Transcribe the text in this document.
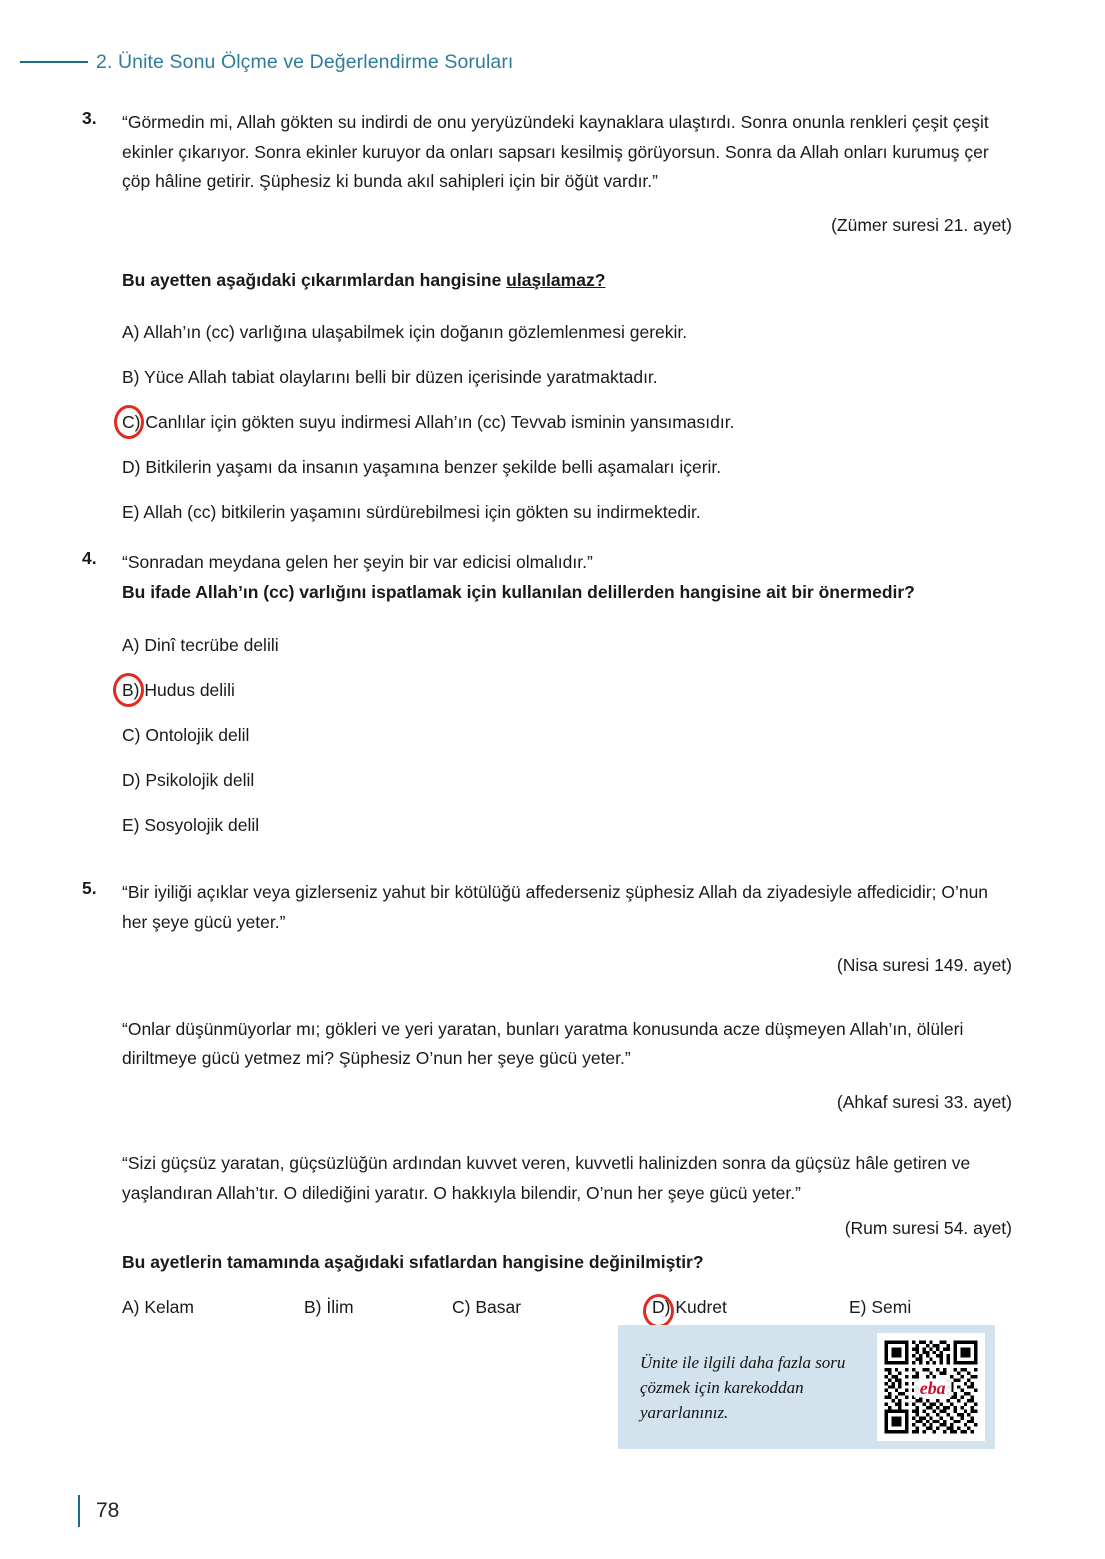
2. Ünite Sonu Ölçme ve Değerlendirme Soruları
3.	“Görmedin mi, Allah gökten su indirdi de onu yeryüzündeki kaynaklara ulaştırdı. Sonra onunla renkleri çeşit çeşit ekinler çıkarıyor. Sonra ekinler kuruyor da onları sapsarı kesilmiş görüyorsun. Sonra da Allah onları kurumuş çer çöp hâline getirir. Şüphesiz ki bunda akıl sahipleri için bir öğüt vardır.”
(Zümer suresi 21. ayet)
Bu ayetten aşağıdaki çıkarımlardan hangisine ulaşılamaz?
A) Allah’ın (cc) varlığına ulaşabilmek için doğanın gözlemlenmesi gerekir.
B) Yüce Allah tabiat olaylarını belli bir düzen içerisinde yaratmaktadır.
C) Canlılar için gökten suyu indirmesi Allah’ın (cc) Tevvab isminin yansımasıdır.
D) Bitkilerin yaşamı da insanın yaşamına benzer şekilde belli aşamaları içerir.
E) Allah (cc) bitkilerin yaşamını sürdürebilmesi için gökten su indirmektedir.
4.	“Sonradan meydana gelen her şeyin bir var edicisi olmalıdır.”
Bu ifade Allah’ın (cc) varlığını ispatlamak için kullanılan delillerden hangisine ait bir önermedir?
A) Dinî tecrübe delili
B) Hudus delili
C) Ontolojik delil
D) Psikolojik delil
E) Sosyolojik delil
5.	“Bir iyiliği açıklar veya gizlerseniz yahut bir kötülüğü affederseniz şüphesiz Allah da ziyadesiyle affedicidir; O’nun her şeye gücü yeter.”
(Nisa suresi 149. ayet)
“Onlar düşünmüyorlar mı; gökleri ve yeri yaratan, bunları yaratma konusunda acze düşmeyen Allah’ın, ölüleri diriltmeye gücü yetmez mi? Şüphesiz O’nun her şeye gücü yeter.”
(Ahkaf suresi 33. ayet)
“Sizi güçsüz yaratan, güçsüzlüğün ardından kuvvet veren, kuvvetli halinizden sonra da güçsüz hâle getiren ve yaşlandıran Allah’tır. O dilediğini yaratır. O hakkıyla bilendir, O’nun her şeye gücü yeter.”
(Rum suresi 54. ayet)
Bu ayetlerin tamamında aşağıdaki sıfatlardan hangisine değinilmiştir?
A) Kelam	B) İlim	C) Basar	D) Kudret	E) Semi
Ünite ile ilgili daha fazla soru çözmek için karekoddan yararlanınız.
eba
78
